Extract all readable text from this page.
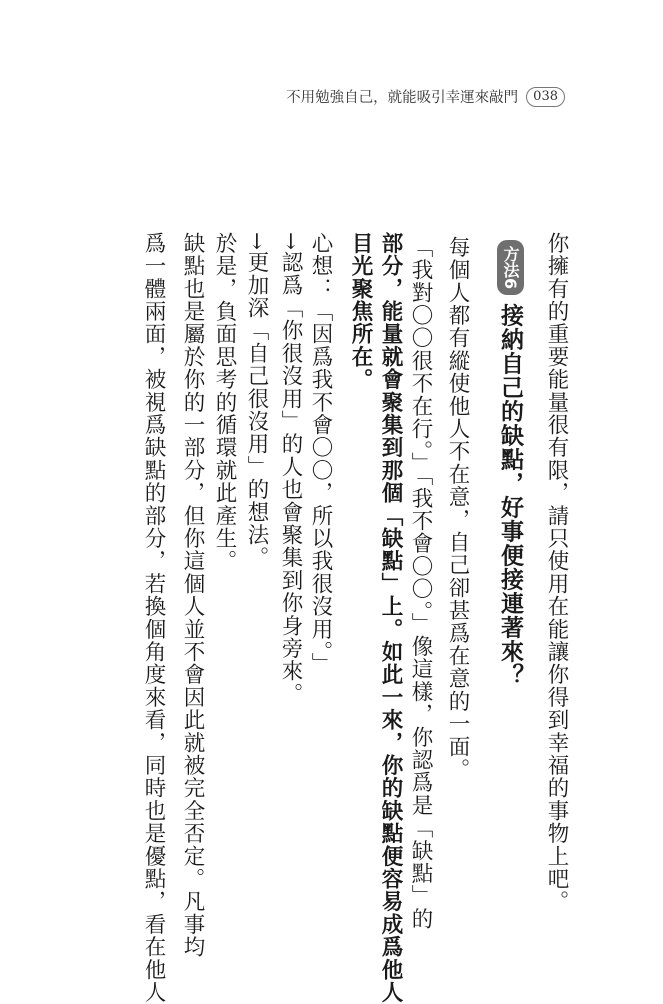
不用勉強自己，就能吸引幸運來敲門	038
你擁有的重要能量很有限，請只使用在能讓你得到幸福的事物上吧。
方法6接納自己的缺點，好事便接連著來？
每個人都有縱使他人不在意，自己卻甚爲在意的一面。
「我對〇〇很不在行。」「我不會〇〇。」像這樣，你認爲是「缺點」的
部分，能量就會聚集到那個「缺點」上。如此一來，你的缺點便容易成爲他人
目光聚焦所在。
心想：「因爲我不會〇〇，所以我很沒用。」
→認爲「你很沒用」的人也會聚集到你身旁來。
→更加深「自己很沒用」的想法。
於是，負面思考的循環就此產生。
缺點也是屬於你的一部分，但你這個人並不會因此就被完全否定。凡事均
爲一體兩面，被視爲缺點的部分，若換個角度來看，同時也是優點，看在他人
